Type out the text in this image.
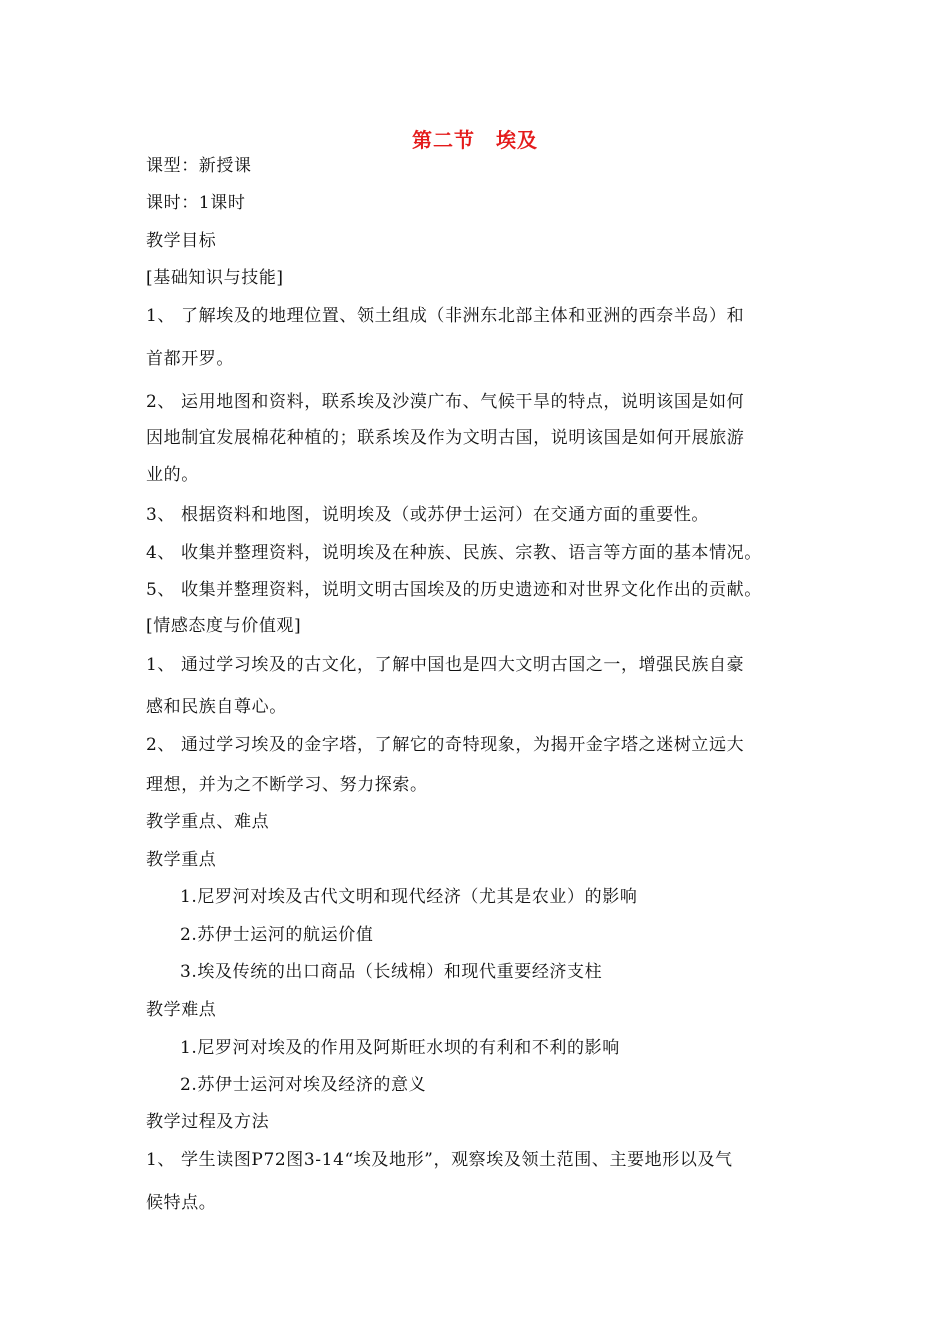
第二节　埃及
课型：新授课
课时：1课时
教学目标
[基础知识与技能]
1、 了解埃及的地理位置、领土组成（非洲东北部主体和亚洲的西奈半岛）和
首都开罗。
2、 运用地图和资料，联系埃及沙漠广布、气候干旱的特点，说明该国是如何
因地制宜发展棉花种植的；联系埃及作为文明古国，说明该国是如何开展旅游
业的。
3、 根据资料和地图，说明埃及（或苏伊士运河）在交通方面的重要性。
4、 收集并整理资料，说明埃及在种族、民族、宗教、语言等方面的基本情况。
5、 收集并整理资料，说明文明古国埃及的历史遗迹和对世界文化作出的贡献。
[情感态度与价值观]
1、 通过学习埃及的古文化，了解中国也是四大文明古国之一，增强民族自豪
感和民族自尊心。
2、 通过学习埃及的金字塔，了解它的奇特现象，为揭开金字塔之迷树立远大
理想，并为之不断学习、努力探索。
教学重点、难点
教学重点
1.尼罗河对埃及古代文明和现代经济（尤其是农业）的影响
2.苏伊士运河的航运价值
3.埃及传统的出口商品（长绒棉）和现代重要经济支柱
教学难点
1.尼罗河对埃及的作用及阿斯旺水坝的有利和不利的影响
2.苏伊士运河对埃及经济的意义
教学过程及方法
1、 学生读图P72图3-14“埃及地形”，观察埃及领土范围、主要地形以及气
候特点。
